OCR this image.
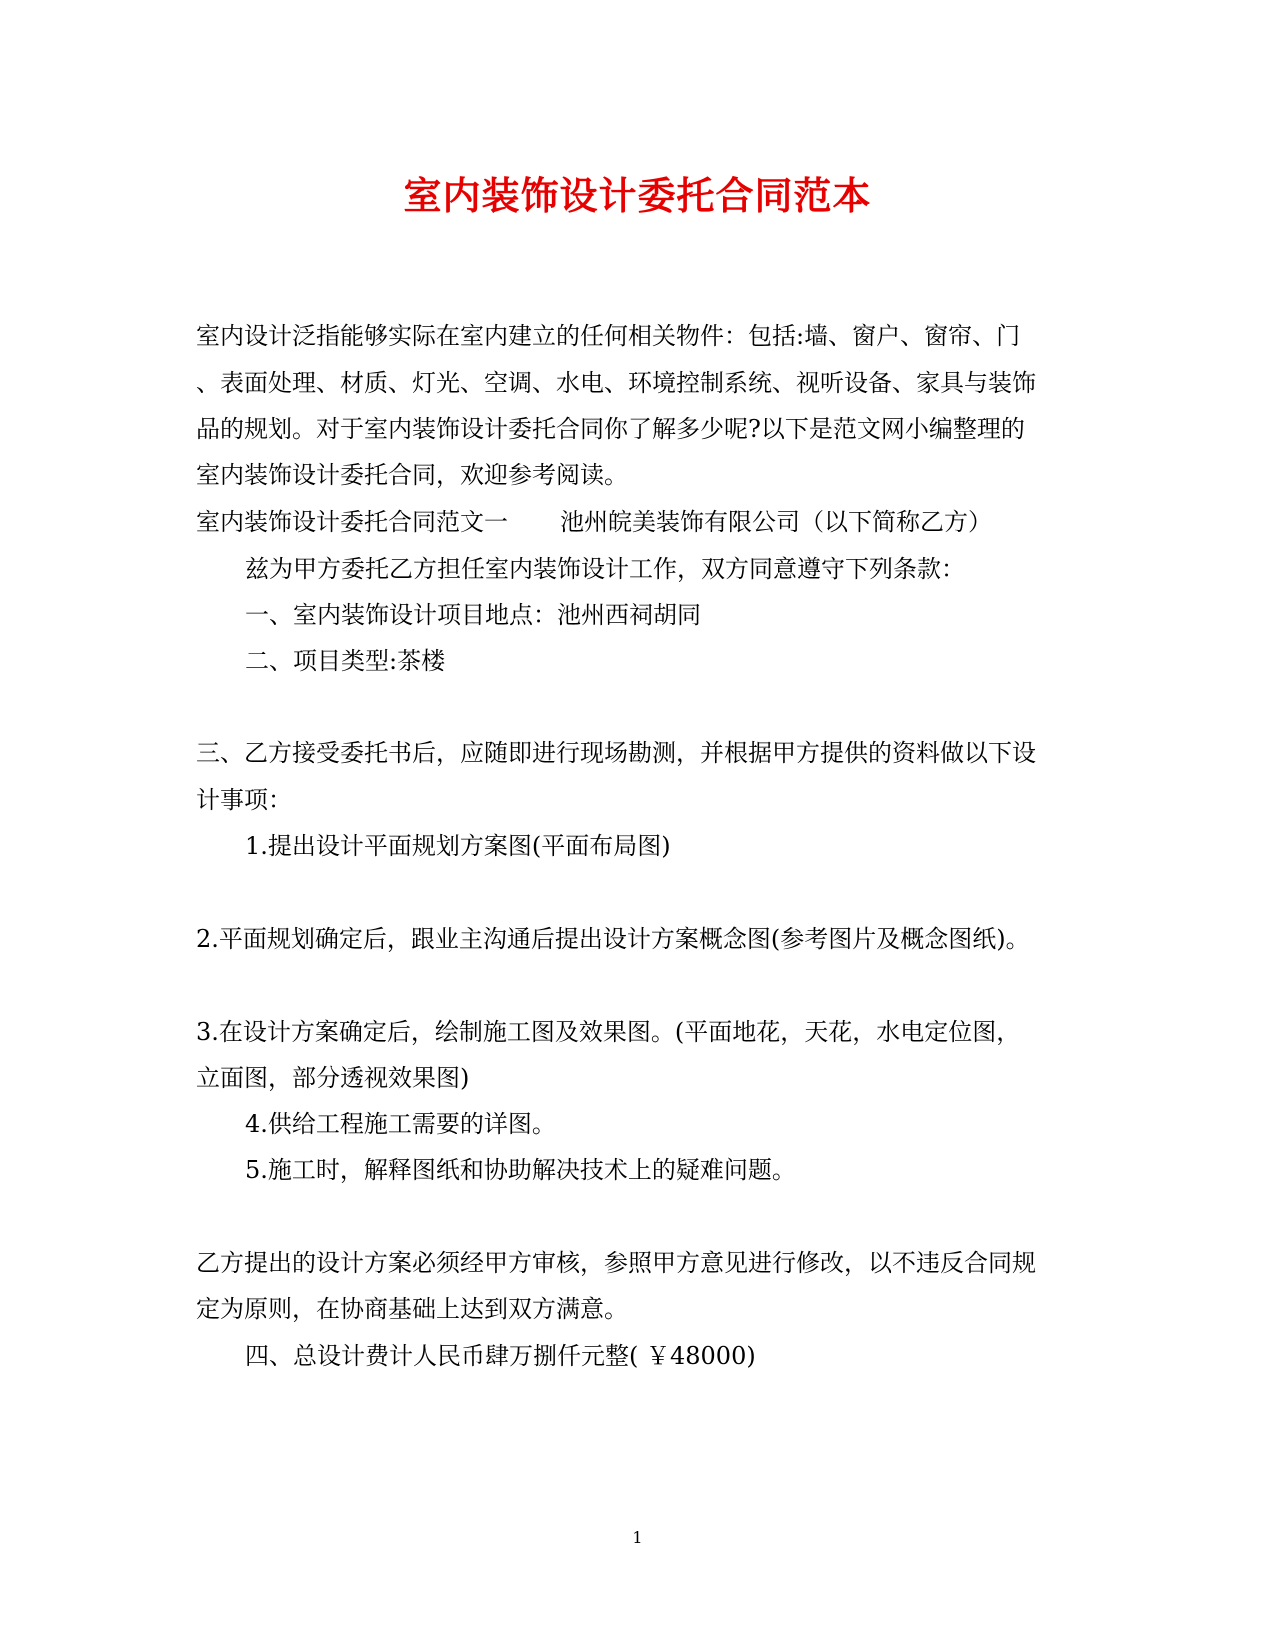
室内装饰设计委托合同范本
室内设计泛指能够实际在室内建立的任何相关物件：包括:墙、窗户、窗帘、门
、表面处理、材质、灯光、空调、水电、环境控制系统、视听设备、家具与装饰
品的规划。对于室内装饰设计委托合同你了解多少呢?以下是范文网小编整理的
室内装饰设计委托合同，欢迎参考阅读。
室内装饰设计委托合同范文一 池州皖美装饰有限公司（以下简称乙方）
兹为甲方委托乙方担任室内装饰设计工作，双方同意遵守下列条款：
一、室内装饰设计项目地点：池州西祠胡同
二、项目类型:茶楼
三、乙方接受委托书后，应随即进行现场勘测，并根据甲方提供的资料做以下设
计事项：
1.提出设计平面规划方案图(平面布局图)
2.平面规划确定后，跟业主沟通后提出设计方案概念图(参考图片及概念图纸)。
3.在设计方案确定后，绘制施工图及效果图。(平面地花，天花，水电定位图，
立面图，部分透视效果图)
4.供给工程施工需要的详图。
5.施工时，解释图纸和协助解决技术上的疑难问题。
乙方提出的设计方案必须经甲方审核，参照甲方意见进行修改，以不违反合同规
定为原则，在协商基础上达到双方满意。
四、总设计费计人民币肆万捌仟元整( ￥48000)
1
